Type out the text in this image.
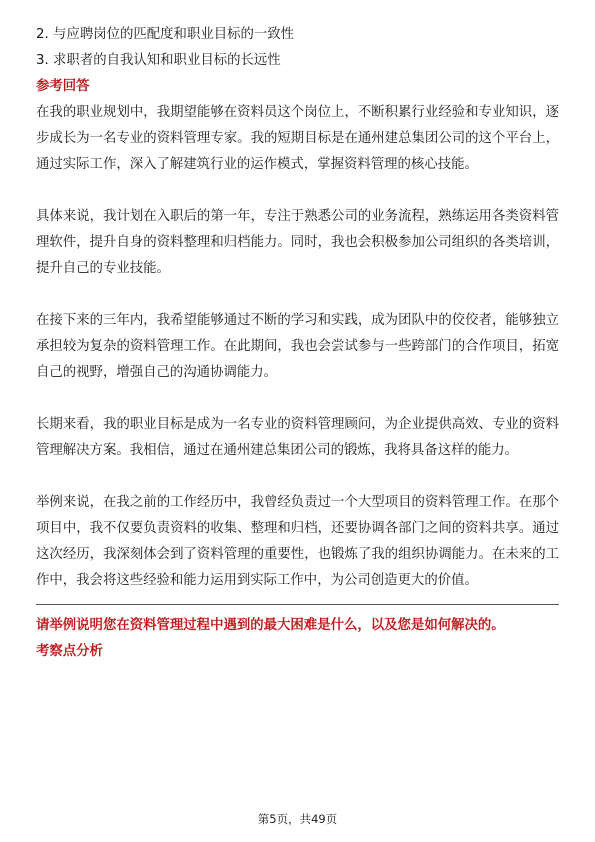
2. 与应聘岗位的匹配度和职业目标的一致性
3. 求职者的自我认知和职业目标的长远性
参考回答

在我的职业规划中，我期望能够在资料员这个岗位上，不断积累行业经验和专业知识，逐步成长为一名专业的资料管理专家。我的短期目标是在通州建总集团公司的这个平台上，通过实际工作，深入了解建筑行业的运作模式，掌握资料管理的核心技能。

具体来说，我计划在入职后的第一年，专注于熟悉公司的业务流程，熟练运用各类资料管理软件，提升自身的资料整理和归档能力。同时，我也会积极参加公司组织的各类培训，提升自己的专业技能。

在接下来的三年内，我希望能够通过不断的学习和实践，成为团队中的佼佼者，能够独立承担较为复杂的资料管理工作。在此期间，我也会尝试参与一些跨部门的合作项目，拓宽自己的视野，增强自己的沟通协调能力。

长期来看，我的职业目标是成为一名专业的资料管理顾问，为企业提供高效、专业的资料管理解决方案。我相信，通过在通州建总集团公司的锻炼，我将具备这样的能力。

举例来说，在我之前的工作经历中，我曾经负责过一个大型项目的资料管理工作。在那个项目中，我不仅要负责资料的收集、整理和归档，还要协调各部门之间的资料共享。通过这次经历，我深刻体会到了资料管理的重要性，也锻炼了我的组织协调能力。在未来的工作中，我会将这些经验和能力运用到实际工作中，为公司创造更大的价值。

请举例说明您在资料管理过程中遇到的最大困难是什么，以及您是如何解决的。
考察点分析
第5页，共49页
